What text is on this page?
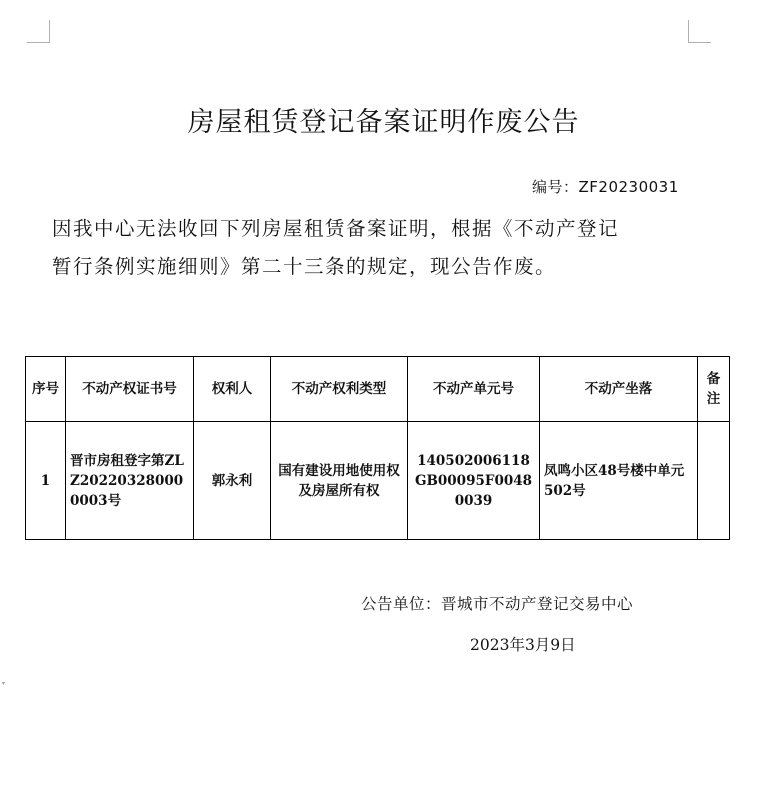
▾
房屋租赁登记备案证明作废公告
编号：ZF20230031
因我中心无法收回下列房屋租赁备案证明，根据《不动产登记
暂行条例实施细则》第二十三条的规定，现公告作废。
序号	不动产权证书号	权利人	不动产权利类型	不动产单元号	不动产坐落	备注
1	晋市房租登字第ZLZ202203280000003号	郭永利	国有建设用地使用权及房屋所有权	140502006118GB00095F00480039	凤鸣小区48号楼中单元502号	
公告单位：晋城市不动产登记交易中心
2023年3月9日
